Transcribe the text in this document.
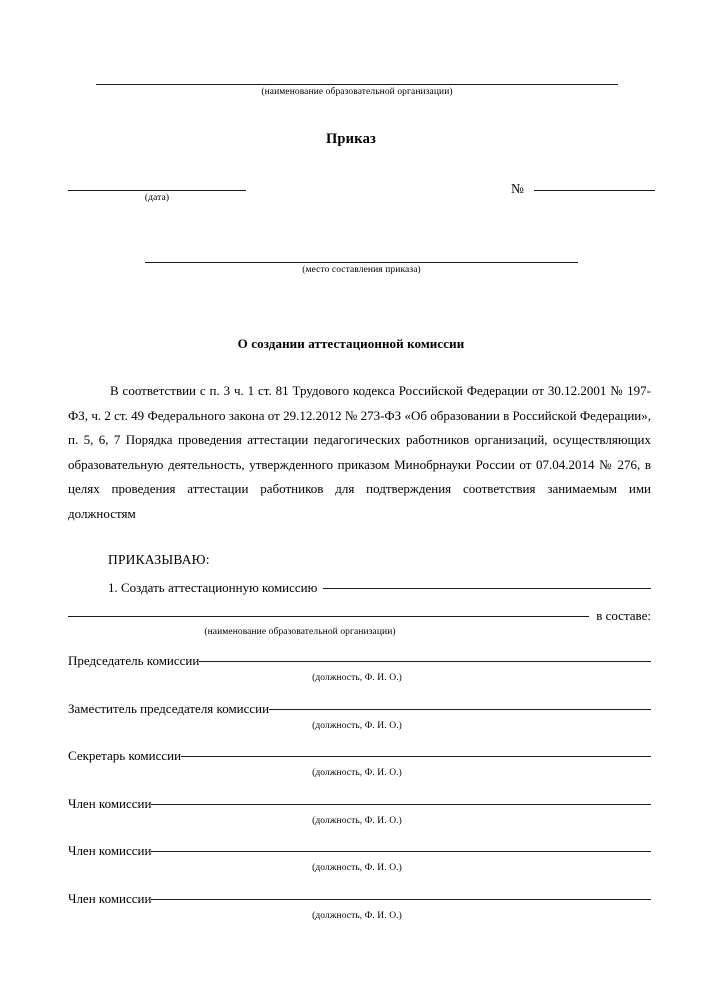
(наименование образовательной организации)
Приказ
(дата)
№
(место составления приказа)
О создании аттестационной комиссии
В соответствии с п. 3 ч. 1 ст. 81 Трудового кодекса Российской Федерации от 30.12.2001 № 197-ФЗ, ч. 2 ст. 49 Федерального закона от 29.12.2012 № 273-ФЗ «Об образовании в Российской Федерации», п. 5, 6, 7 Порядка проведения аттестации педагогических работников организаций, осуществляющих образовательную деятельность, утвержденного приказом Минобрнауки России от 07.04.2014 № 276, в целях проведения аттестации работников для подтверждения соответствия занимаемым ими должностям
ПРИКАЗЫВАЮ:
1. Создать аттестационную комиссию
в составе:
(наименование образовательной организации)
Председатель комиссии
(должность, Ф. И. О.)
Заместитель председателя комиссии
(должность, Ф. И. О.)
Секретарь комиссии
(должность, Ф. И. О.)
Член комиссии
(должность, Ф. И. О.)
Член комиссии
(должность, Ф. И. О.)
Член комиссии
(должность, Ф. И. О.)
